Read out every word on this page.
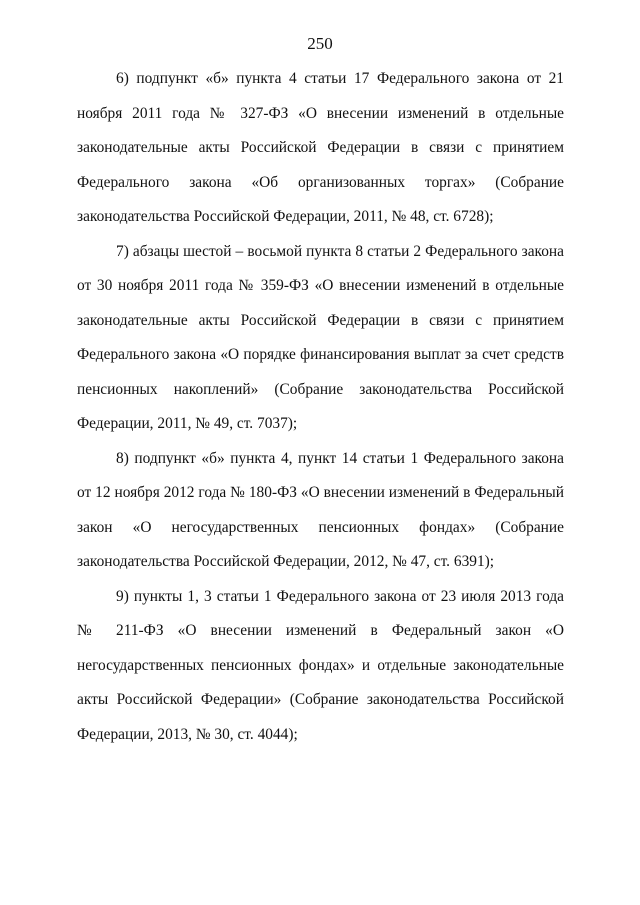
250

6) подпункт «б» пункта 4 статьи 17 Федерального закона от 21 ноября 2011 года № 327-ФЗ «О внесении изменений в отдельные законодательные акты Российской Федерации в связи с принятием Федерального закона «Об организованных торгах» (Собрание законодательства Российской Федерации, 2011, № 48, ст. 6728);

7) абзацы шестой – восьмой пункта 8 статьи 2 Федерального закона от 30 ноября 2011 года № 359-ФЗ «О внесении изменений в отдельные законодательные акты Российской Федерации в связи с принятием Федерального закона «О порядке финансирования выплат за счет средств пенсионных накоплений» (Собрание законодательства Российской Федерации, 2011, № 49, ст. 7037);

8) подпункт «б» пункта 4, пункт 14 статьи 1 Федерального закона от 12 ноября 2012 года № 180-ФЗ «О внесении изменений в Федеральный закон «О негосударственных пенсионных фондах» (Собрание законодательства Российской Федерации, 2012, № 47, ст. 6391);

9) пункты 1, 3 статьи 1 Федерального закона от 23 июля 2013 года № 211-ФЗ «О внесении изменений в Федеральный закон «О негосударственных пенсионных фондах» и отдельные законодательные акты Российской Федерации» (Собрание законодательства Российской Федерации, 2013, № 30, ст. 4044);
